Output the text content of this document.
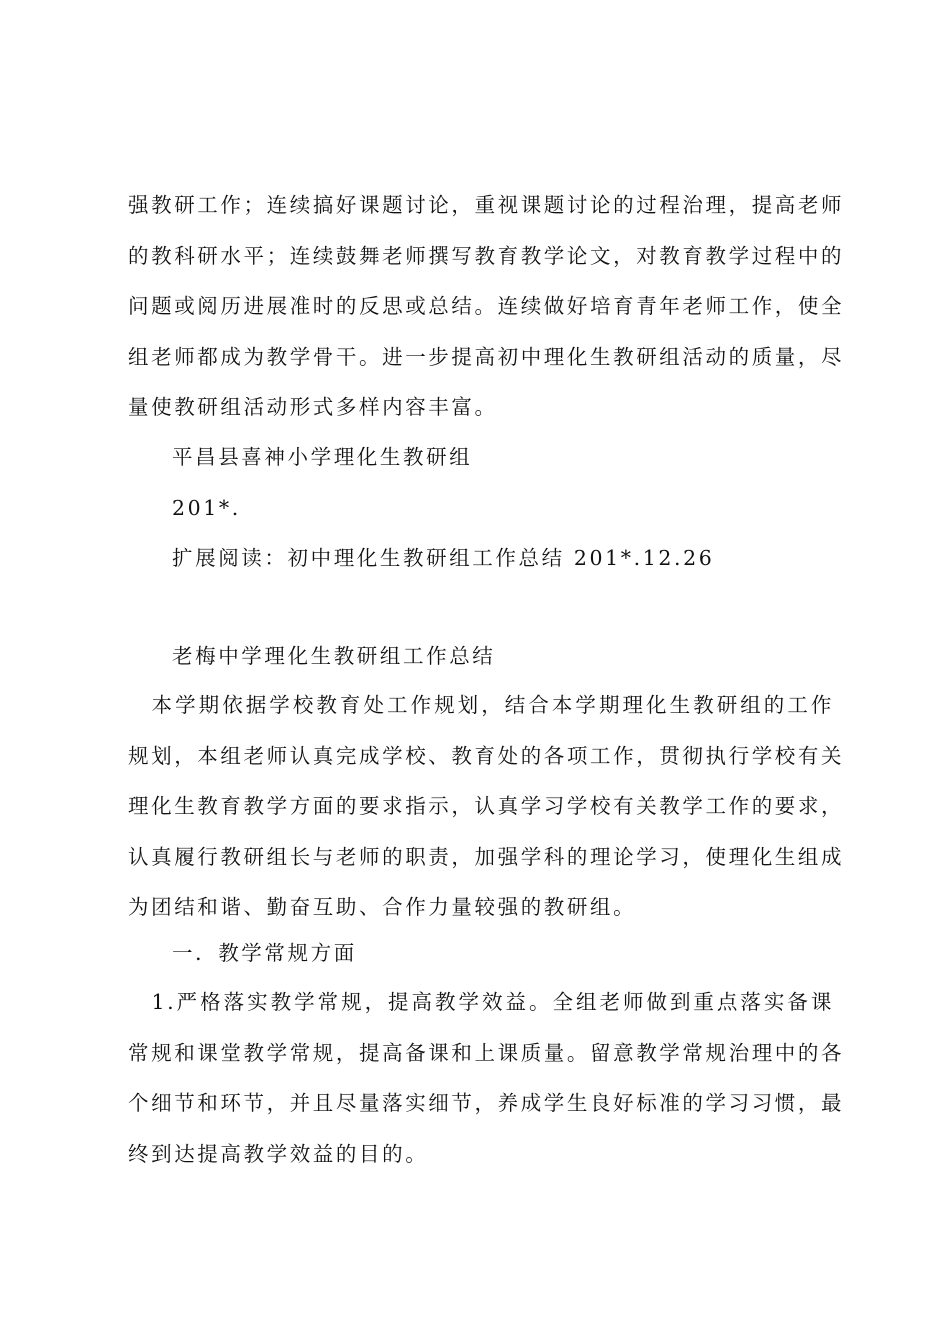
强教研工作；连续搞好课题讨论，重视课题讨论的过程治理，提高老师
的教科研水平；连续鼓舞老师撰写教育教学论文，对教育教学过程中的
问题或阅历进展准时的反思或总结。连续做好培育青年老师工作，使全
组老师都成为教学骨干。进一步提高初中理化生教研组活动的质量，尽
量使教研组活动形式多样内容丰富。
平昌县喜神小学理化生教研组
201*.
扩展阅读：初中理化生教研组工作总结 201*.12.26
老梅中学理化生教研组工作总结
　本学期依据学校教育处工作规划，结合本学期理化生教研组的工作
规划，本组老师认真完成学校、教育处的各项工作，贯彻执行学校有关
理化生教育教学方面的要求指示，认真学习学校有关教学工作的要求，
认真履行教研组长与老师的职责，加强学科的理论学习，使理化生组成
为团结和谐、勤奋互助、合作力量较强的教研组。
一．教学常规方面
　1.严格落实教学常规，提高教学效益。全组老师做到重点落实备课
常规和课堂教学常规，提高备课和上课质量。留意教学常规治理中的各
个细节和环节，并且尽量落实细节，养成学生良好标准的学习习惯，最
终到达提高教学效益的目的。
